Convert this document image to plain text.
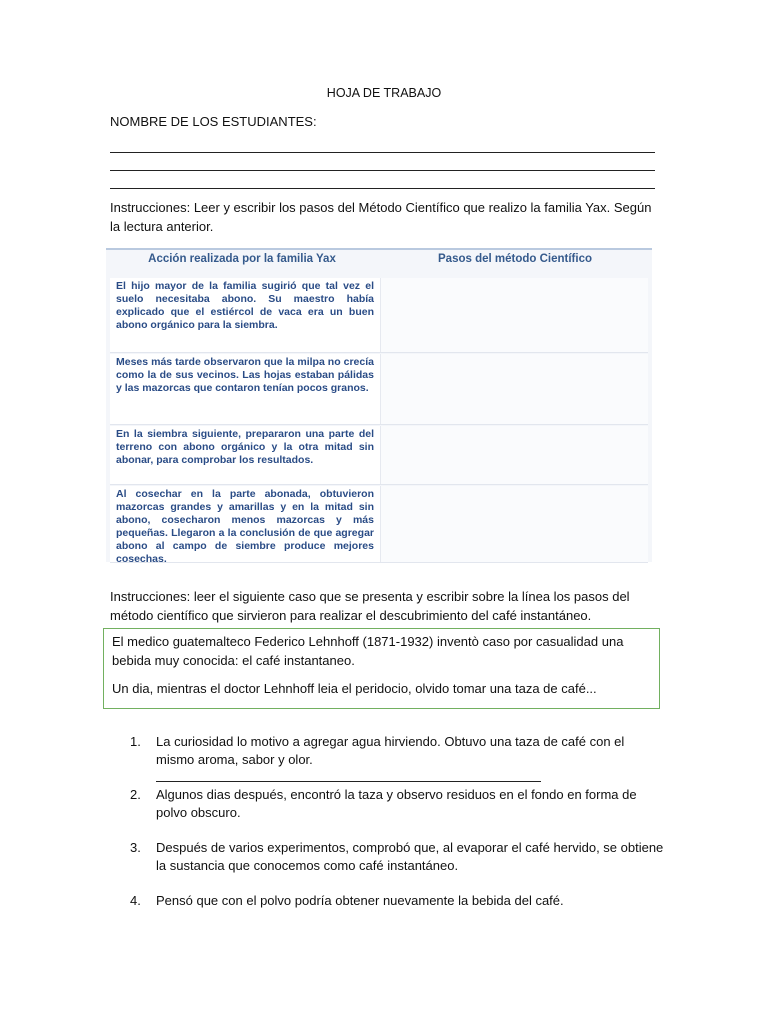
HOJA DE TRABAJO
NOMBRE DE LOS ESTUDIANTES:
Instrucciones: Leer y escribir los pasos del Método Científico que realizo la familia Yax. Según la lectura anterior.
Acción realizada por la familia Yax	Pasos del método Científico
El hijo mayor de la familia sugirió que tal vez el suelo necesitaba abono. Su maestro había explicado que el estiércol de vaca era un buen abono orgánico para la siembra.
Meses más tarde observaron que la milpa no crecía como la de sus vecinos. Las hojas estaban pálidas y las mazorcas que contaron tenían pocos granos.
En la siembra siguiente, prepararon una parte del terreno con abono orgánico y la otra mitad sin abonar, para comprobar los resultados.
Al cosechar en la parte abonada, obtuvieron mazorcas grandes y amarillas y en la mitad sin abono, cosecharon menos mazorcas y más pequeñas. Llegaron a la conclusión de que agregar abono al campo de siembre produce mejores cosechas.
Instrucciones: leer el siguiente caso que se presenta y escribir sobre la línea los pasos del método científico que sirvieron para realizar el descubrimiento del café instantáneo.

El medico guatemalteco Federico Lehnhoff (1871-1932) inventò caso por casualidad una bebida muy conocida: el café instantaneo.

Un dia, mientras el doctor Lehnhoff leia el peridocio, olvido tomar una taza de café...

1.	La curiosidad lo motivo a agregar agua hirviendo. Obtuvo una taza de café con el mismo aroma, sabor y olor.
2.	Algunos dias después, encontró la taza y observo residuos en el fondo en forma de polvo obscuro.
3.	Después de varios experimentos, comprobó que, al evaporar el café hervido, se obtiene la sustancia que conocemos como café instantáneo.
4.	Pensó que con el polvo podría obtener nuevamente la bebida del café.
